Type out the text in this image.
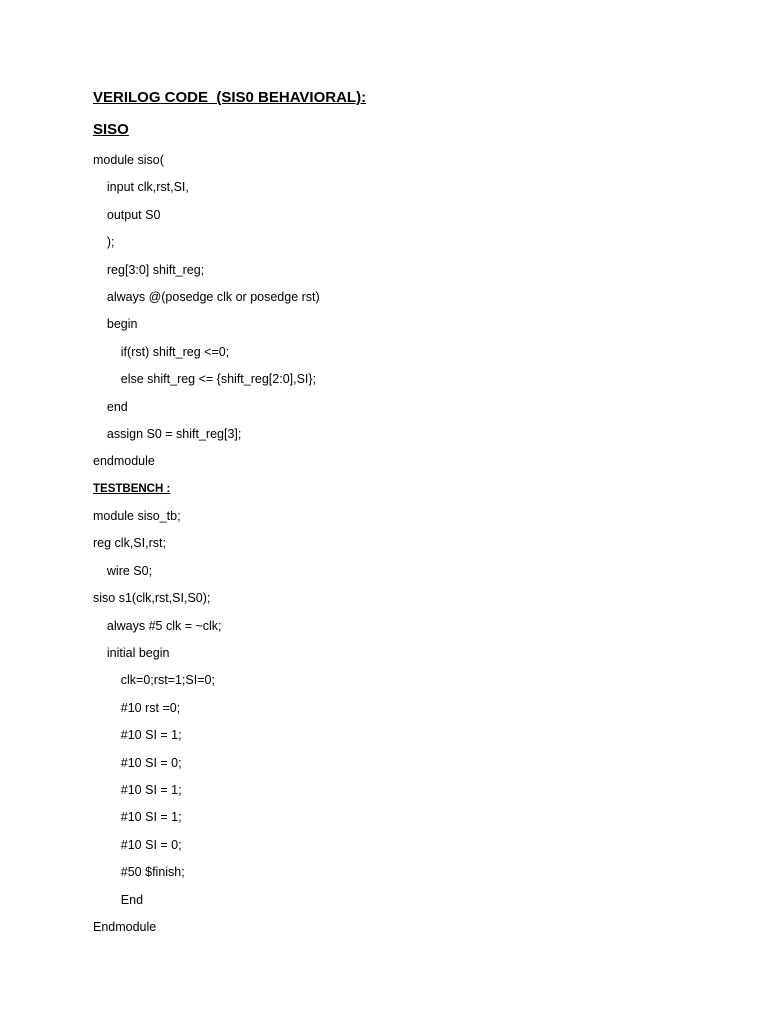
VERILOG CODE  (SIS0 BEHAVIORAL):
SISO
module siso(
input clk,rst,SI,
output S0
);
reg[3:0] shift_reg;
always @(posedge clk or posedge rst)
begin
if(rst) shift_reg <=0;
else shift_reg <= {shift_reg[2:0],SI};
end
assign S0 = shift_reg[3];
endmodule
TESTBENCH :
module siso_tb;
reg clk,SI,rst;
wire S0;
siso s1(clk,rst,SI,S0);
always #5 clk = ~clk;
initial begin
clk=0;rst=1;SI=0;
#10 rst =0;
#10 SI = 1;
#10 SI = 0;
#10 SI = 1;
#10 SI = 1;
#10 SI = 0;
#50 $finish;
End
Endmodule
